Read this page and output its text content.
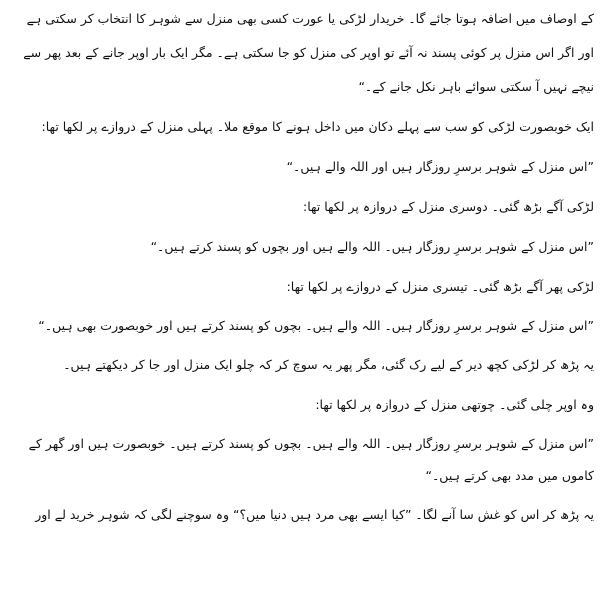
کے اوصاف میں اضافہ ہوتا جائے گا۔ خریدار لڑکی یا عورت کسی بھی منزل سے شوہر کا انتخاب کر سکتی ہے اور اگر اس منزل پر کوئی پسند نہ آئے تو اوپر کی منزل کو جا سکتی ہے۔ مگر ایک بار اوپر جانے کے بعد پھر سے نیچے نہیں آ سکتی سوائے باہر نکل جانے کے۔“

ایک خوبصورت لڑکی کو سب سے پہلے دکان میں داخل ہونے کا موقع ملا۔ پہلی منزل کے دروازے پر لکھا تھا:

”اس منزل کے شوہر برسرِ روزگار ہیں اور اللہ والے ہیں۔“

لڑکی آگے بڑھ گئی۔ دوسری منزل کے دروازہ پر لکھا تھا:

”اس منزل کے شوہر برسرِ روزگار ہیں۔ اللہ والے ہیں اور بچوں کو پسند کرتے ہیں۔“

لڑکی پھر آگے بڑھ گئی۔ تیسری منزل کے دروازے پر لکھا تھا:

”اس منزل کے شوہر برسرِ روزگار ہیں۔ اللہ والے ہیں۔ بچوں کو پسند کرتے ہیں اور خوبصورت بھی ہیں۔“

یہ پڑھ کر لڑکی کچھ دیر کے لیے رک گئی، مگر پھر یہ سوچ کر کہ چلو ایک منزل اور جا کر دیکھتے ہیں۔

وہ اوپر چلی گئی۔ چوتھی منزل کے دروازہ پر لکھا تھا:

”اس منزل کے شوہر برسرِ روزگار ہیں۔ اللہ والے ہیں۔ بچوں کو پسند کرتے ہیں۔ خوبصورت ہیں اور گھر کے کاموں میں مدد بھی کرتے ہیں۔“

یہ پڑھ کر اس کو غش سا آنے لگا۔ ”کیا ایسے بھی مرد ہیں دنیا میں؟“ وہ سوچنے لگی کہ شوہر خرید لے اور
